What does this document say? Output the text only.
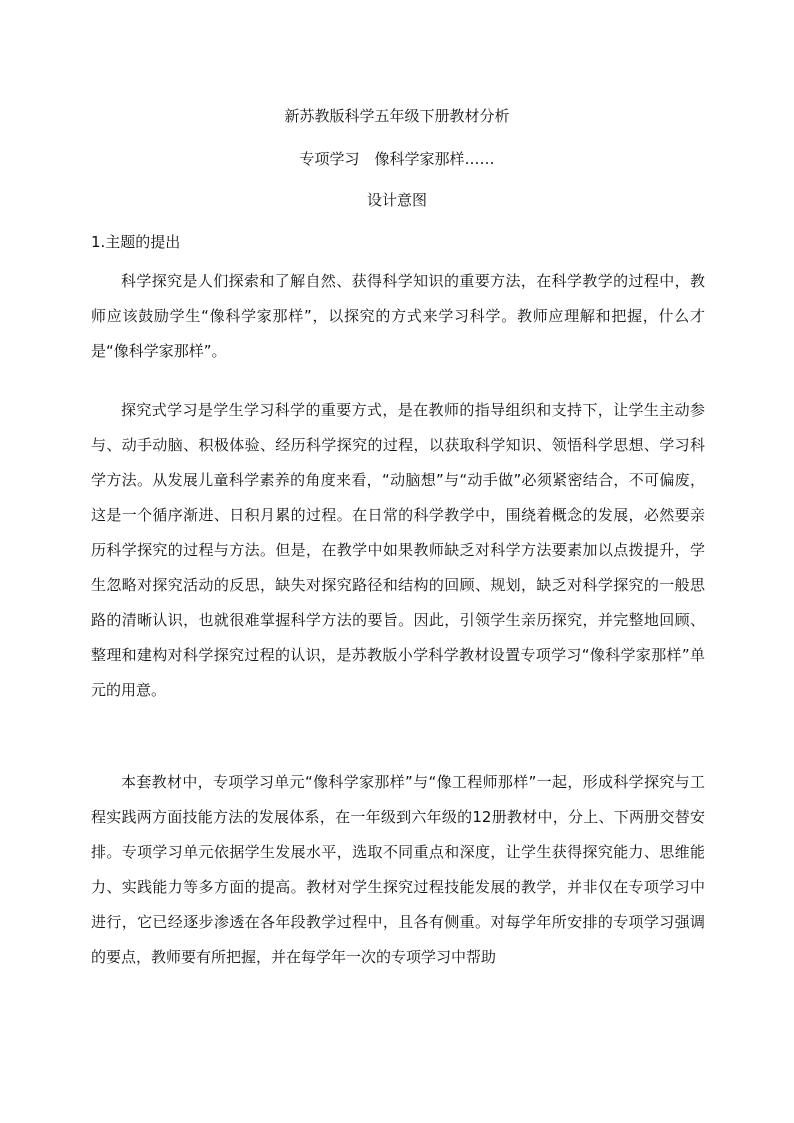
新苏教版科学五年级下册教材分析
专项学习　像科学家那样……
设计意图
1.主题的提出

科学探究是人们探索和了解自然、获得科学知识的重要方法，在科学教学的过程中，教师应该鼓励学生“像科学家那样”，以探究的方式来学习科学。教师应理解和把握，什么才是“像科学家那样”。

探究式学习是学生学习科学的重要方式，是在教师的指导组织和支持下，让学生主动参与、动手动脑、积极体验、经历科学探究的过程，以获取科学知识、领悟科学思想、学习科学方法。从发展儿童科学素养的角度来看，“动脑想”与“动手做”必须紧密结合，不可偏废，这是一个循序渐进、日积月累的过程。在日常的科学教学中，围绕着概念的发展，必然要亲历科学探究的过程与方法。但是，在教学中如果教师缺乏对科学方法要素加以点拨提升，学生忽略对探究活动的反思，缺失对探究路径和结构的回顾、规划，缺乏对科学探究的一般思路的清晰认识，也就很难掌握科学方法的要旨。因此，引领学生亲历探究，并完整地回顾、整理和建构对科学探究过程的认识，是苏教版小学科学教材设置专项学习“像科学家那样”单元的用意。

本套教材中，专项学习单元“像科学家那样”与“像工程师那样”一起，形成科学探究与工程实践两方面技能方法的发展体系，在一年级到六年级的12册教材中，分上、下两册交替安排。专项学习单元依据学生发展水平，选取不同重点和深度，让学生获得探究能力、思维能力、实践能力等多方面的提高。教材对学生探究过程技能发展的教学，并非仅在专项学习中进行，它已经逐步渗透在各年段教学过程中，且各有侧重。对每学年所安排的专项学习强调的要点，教师要有所把握，并在每学年一次的专项学习中帮助
